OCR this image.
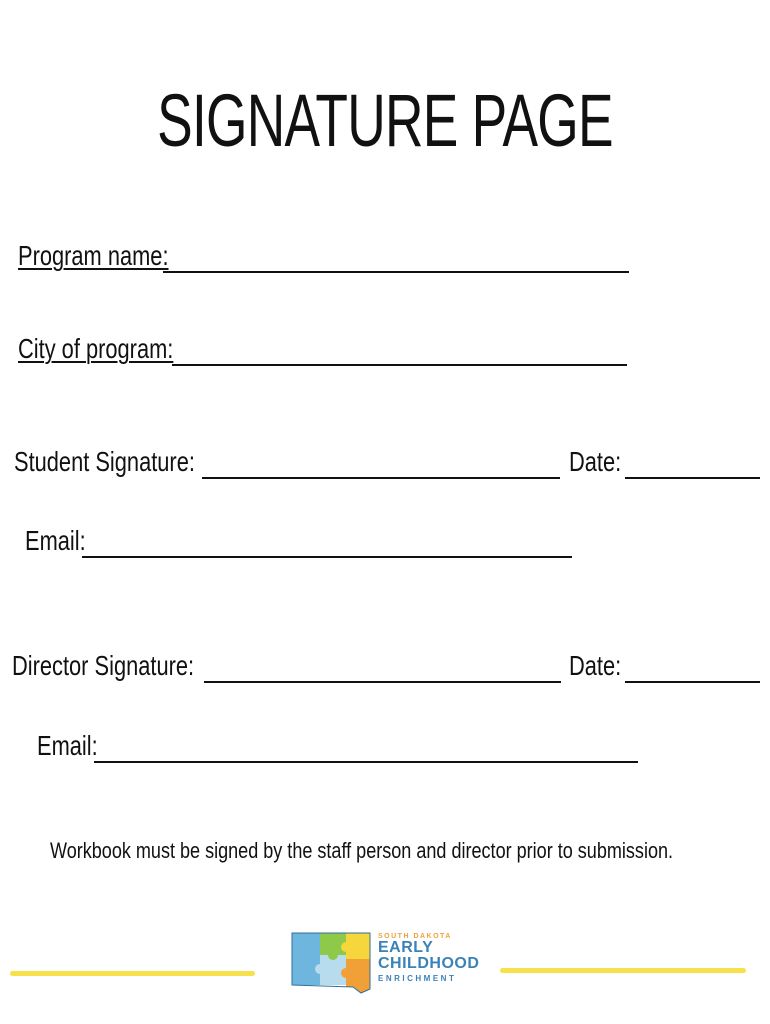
SIGNATURE PAGE
Program name:
City of program:
Student Signature:	Date:
Email:
Director Signature:	Date:
Email:
Workbook must be signed by the staff person and director prior to submission.
SOUTH DAKOTA
EARLY
CHILDHOOD
ENRICHMENT
